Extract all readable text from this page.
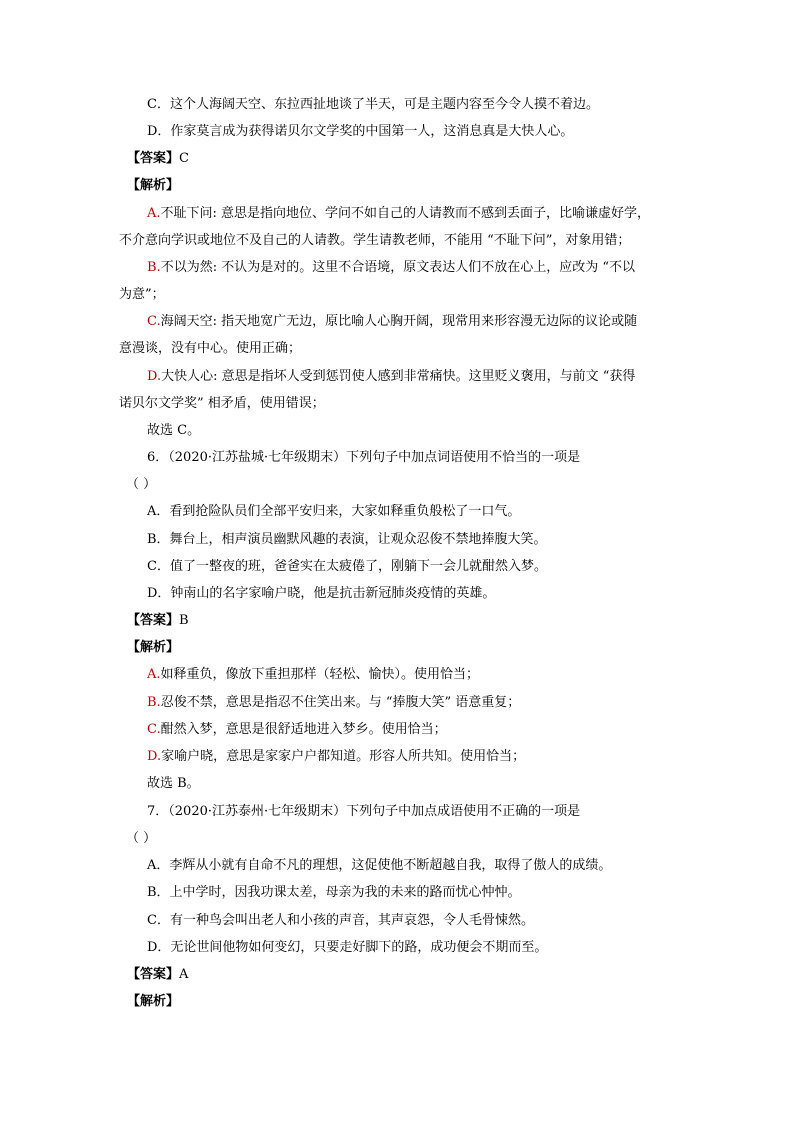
C．这个人海阔天空、东拉西扯地谈了半天，可是主题内容至今令人摸不着边。
D．作家莫言成为获得诺贝尔文学奖的中国第一人，这消息真是大快人心。
【答案】C
【解析】
A.不耻下问: 意思是指向地位、学问不如自己的人请教而不感到丢面子，比喻谦虚好学，
不介意向学识或地位不及自己的人请教。学生请教老师，不能用 “不耻下问”，对象用错；
B.不以为然: 不认为是对的。这里不合语境，原文表达人们不放在心上，应改为 “不以
为意”；
C.海阔天空: 指天地宽广无边，原比喻人心胸开阔，现常用来形容漫无边际的议论或随
意漫谈，没有中心。使用正确；
D.大快人心: 意思是指坏人受到惩罚使人感到非常痛快。这里贬义褒用，与前文 “获得
诺贝尔文学奖” 相矛盾，使用错误；
故选 C。
6．（2020·江苏盐城·七年级期末）下列句子中加点词语使用不恰当的一项是
（ ）
A．看到抢险队员们全部平安归来，大家如释重负般松了一口气。
B．舞台上，相声演员幽默风趣的表演，让观众忍俊不禁地捧腹大笑。
C．值了一整夜的班，爸爸实在太疲倦了，刚躺下一会儿就酣然入梦。
D．钟南山的名字家喻户晓，他是抗击新冠肺炎疫情的英雄。
【答案】B
【解析】
A.如释重负，像放下重担那样（轻松、愉快）。使用恰当；
B.忍俊不禁，意思是指忍不住笑出来。与 “捧腹大笑” 语意重复；
C.酣然入梦，意思是很舒适地进入梦乡。使用恰当；
D.家喻户晓，意思是家家户户都知道。形容人所共知。使用恰当；
故选 B。
7．（2020·江苏泰州·七年级期末）下列句子中加点成语使用不正确的一项是
（ ）
A．李辉从小就有自命不凡的理想，这促使他不断超越自我，取得了傲人的成绩。
B．上中学时，因我功课太差，母亲为我的未来的路而忧心忡忡。
C．有一种鸟会叫出老人和小孩的声音，其声哀怨，令人毛骨悚然。
D．无论世间他物如何变幻，只要走好脚下的路，成功便会不期而至。
【答案】A
【解析】
